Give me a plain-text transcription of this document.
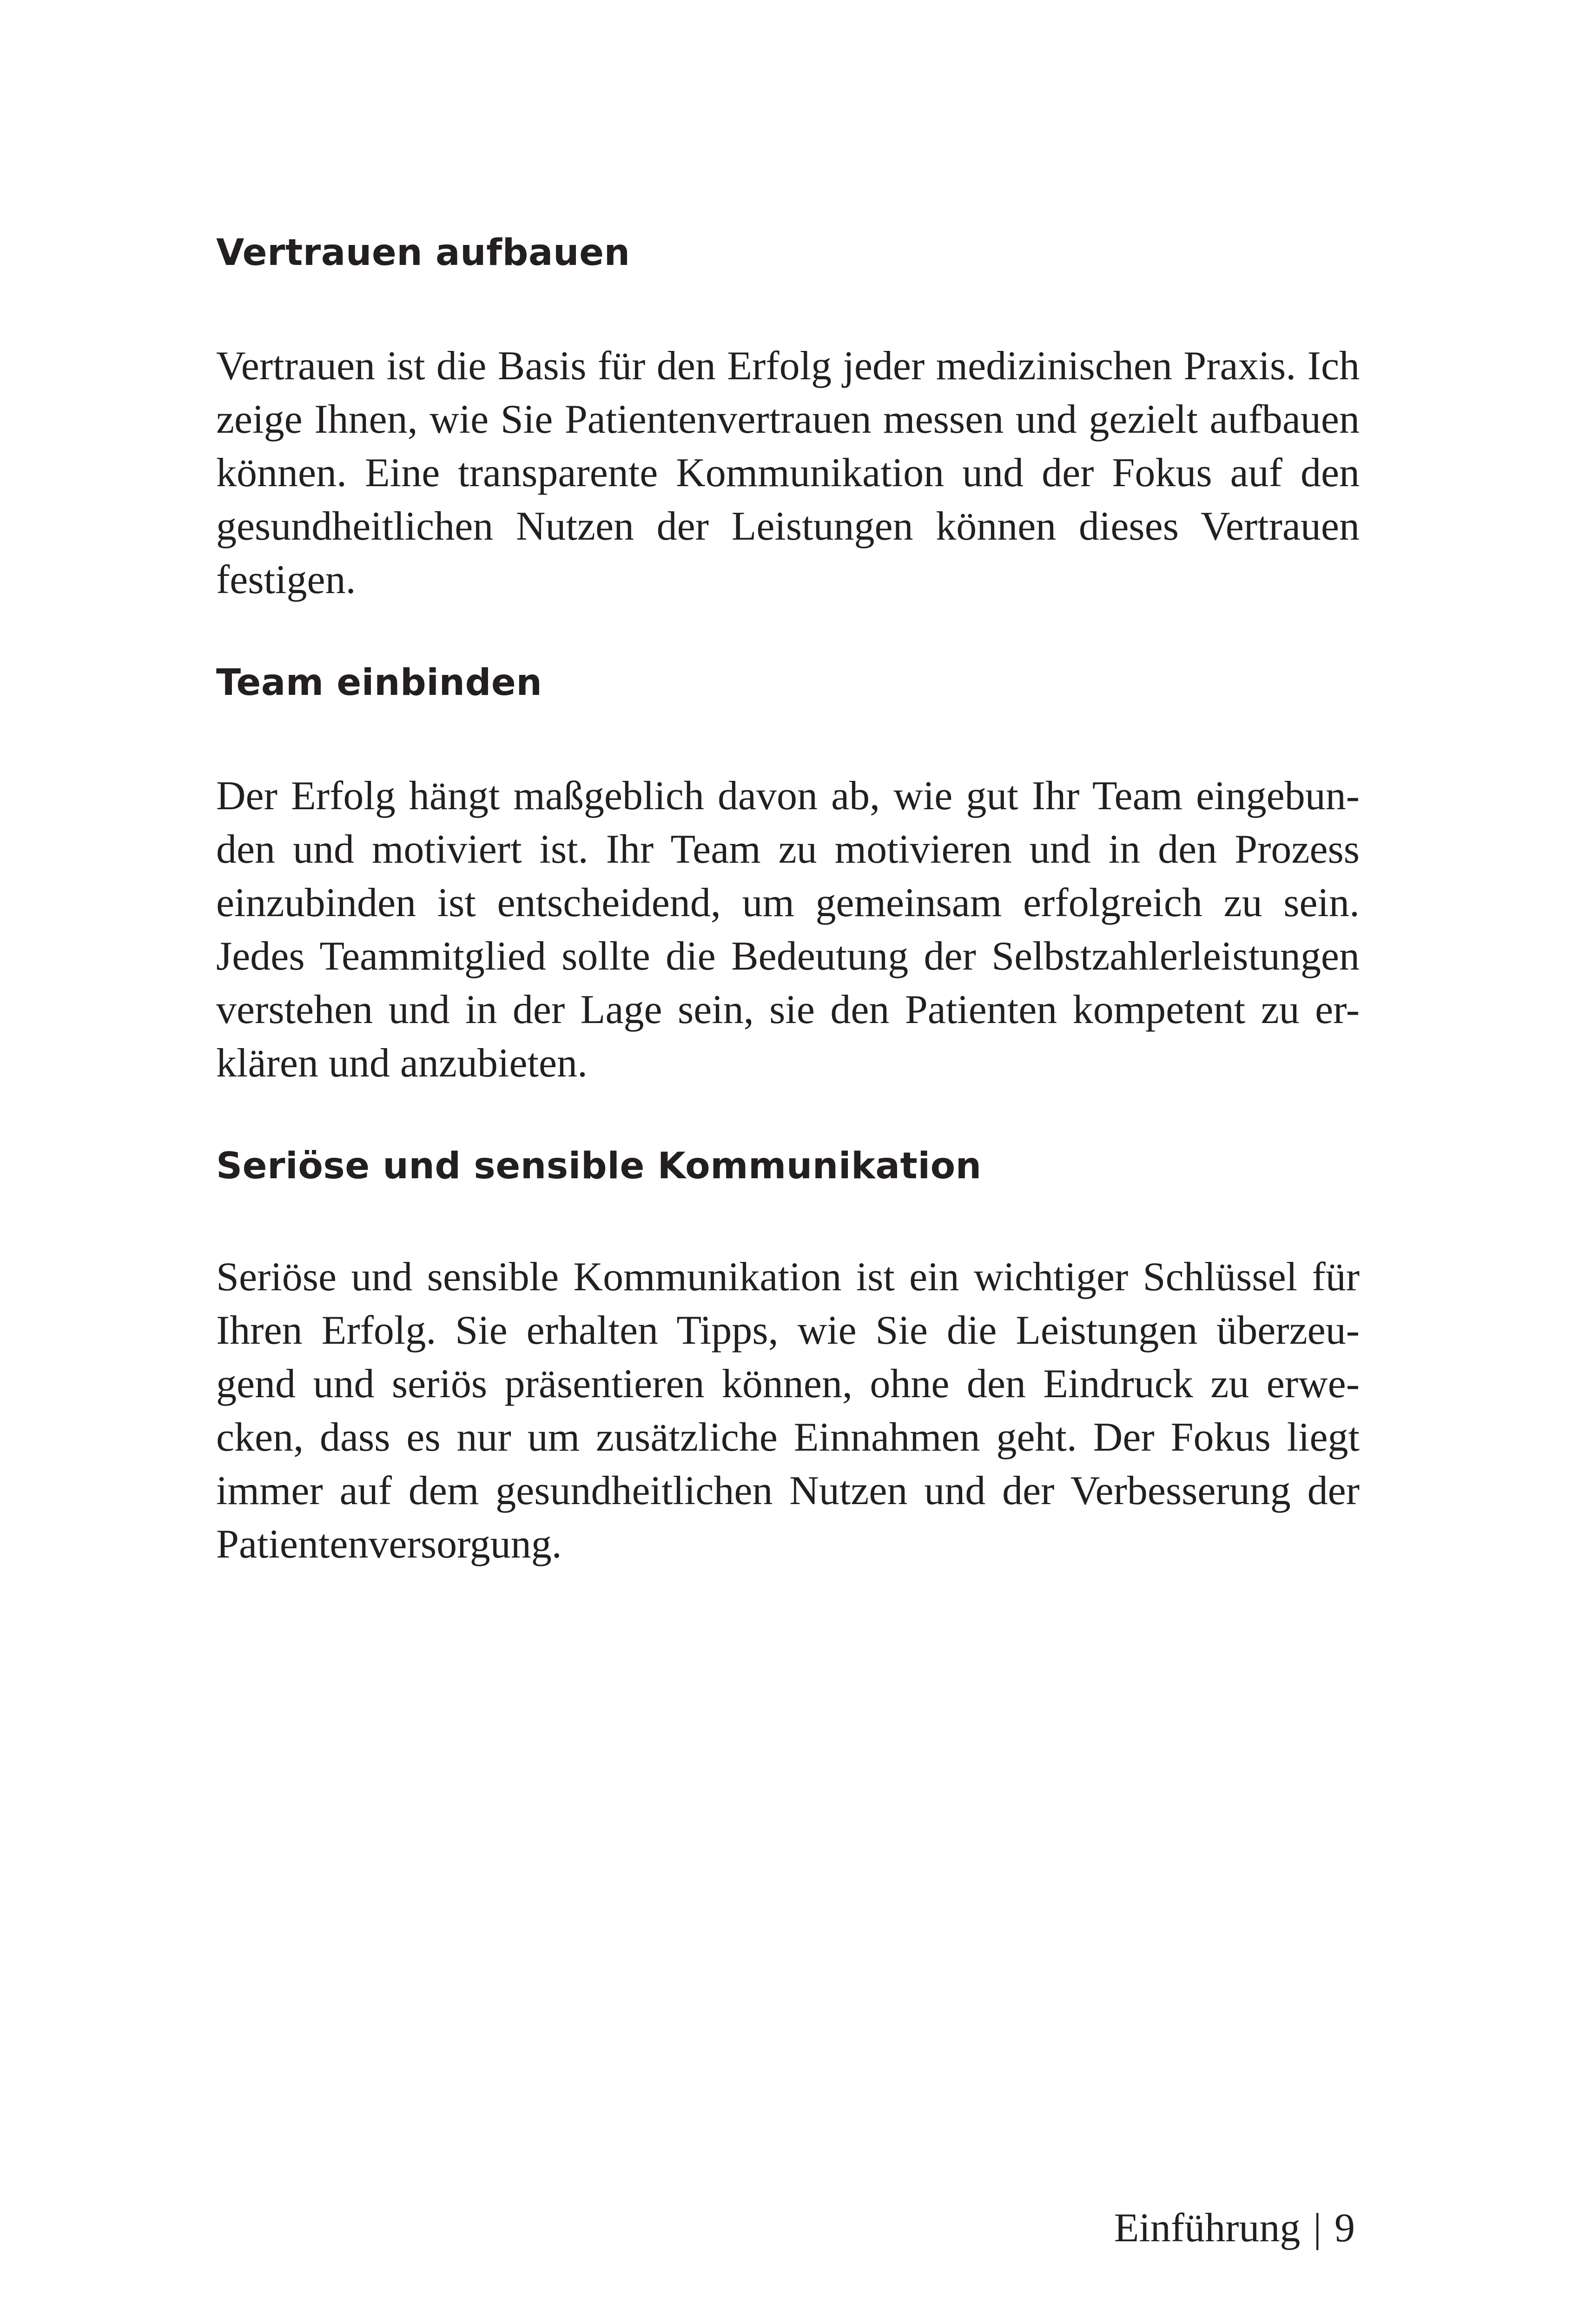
Vertrauen aufbauen

Vertrauen ist die Basis für den Erfolg jeder medizinischen Praxis. Ich
zeige Ihnen, wie Sie Patientenvertrauen messen und gezielt aufbauen
können. Eine transparente Kommunikation und der Fokus auf den
gesundheitlichen Nutzen der Leistungen können dieses Vertrauen
festigen.

Team einbinden

Der Erfolg hängt maßgeblich davon ab, wie gut Ihr Team eingebun-
den und motiviert ist. Ihr Team zu motivieren und in den Prozess
einzubinden ist entscheidend, um gemeinsam erfolgreich zu sein.
Jedes Teammitglied sollte die Bedeutung der Selbstzahlerleistungen
verstehen und in der Lage sein, sie den Patienten kompetent zu er-
klären und anzubieten.

Seriöse und sensible Kommunikation

Seriöse und sensible Kommunikation ist ein wichtiger Schlüssel für
Ihren Erfolg. Sie erhalten Tipps, wie Sie die Leistungen überzeu-
gend und seriös präsentieren können, ohne den Eindruck zu erwe-
cken, dass es nur um zusätzliche Einnahmen geht. Der Fokus liegt
immer auf dem gesundheitlichen Nutzen und der Verbesserung der
Patientenversorgung.

Einführung | 9
